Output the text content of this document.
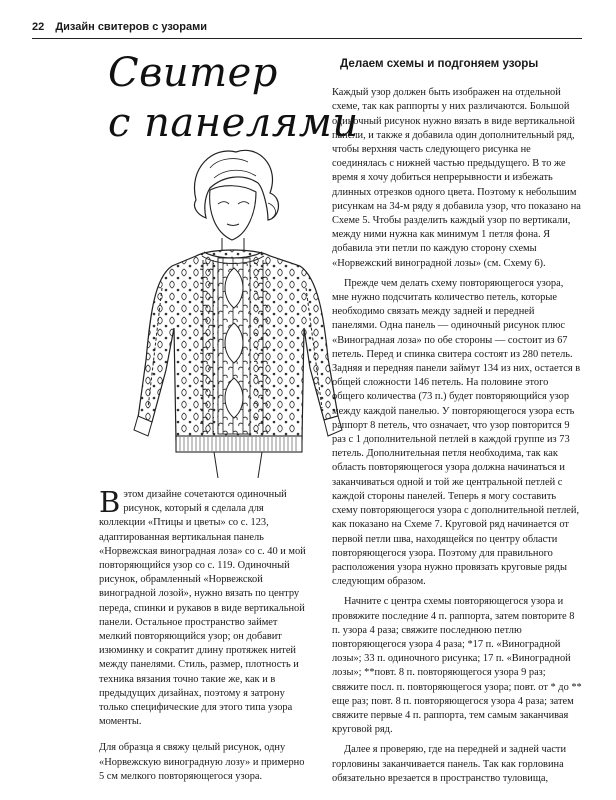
22 Дизайн свитеров с узорами
Свитер
с панелями
Делаем схемы и подгоняем узоры

Каждый узор должен быть изображен на отдельной схеме, так как раппорты у них различаются. Большой одиночный рисунок нужно вязать в виде вертикальной панели, и также я добавила один дополнительный ряд, чтобы верхняя часть следующего рисунка не соединялась с нижней частью предыдущего. В то же время я хочу добиться непрерывности и избежать длинных отрезков одного цвета. Поэтому к небольшим рисункам на 34-м ряду я добавила узор, что показано на Схеме 5. Чтобы разделить каждый узор по вертикали, между ними нужна как минимум 1 петля фона. Я добавила эти петли по каждую сторону схемы «Норвежский виноградной лозы» (см. Схему 6).

Прежде чем делать схему повторяющегося узора, мне нужно подсчитать количество петель, которые необходимо связать между задней и передней панелями. Одна панель — одиночный рисунок плюс «Виноградная лоза» по обе стороны — состоит из 67 петель. Перед и спинка свитера состоят из 280 петель. Задняя и передняя панели займут 134 из них, остается в общей сложности 146 петель. На половине этого общего количества (73 п.) будет повторяющийся узор между каждой панелью. У повторяющегося узора есть раппорт 8 петель, что означает, что узор повторится 9 раз с 1 дополнительной петлей в каждой группе из 73 петель. Дополнительная петля необходима, так как область повторяющегося узора должна начинаться и заканчиваться одной и той же центральной петлей с каждой стороны панелей. Теперь я могу составить схему повторяющегося узора с дополнительной петлей, как показано на Схеме 7. Круговой ряд начинается от первой петли шва, находящейся по центру области повторяющегося узора. Поэтому для правильного расположения узора нужно провязать круговые ряды следующим образом.

Начните с центра схемы повторяющегося узора и провяжите последние 4 п. раппорта, затем повторите 8 п. узора 4 раза; свяжите последнюю петлю повторяющегося узора 4 раза; *17 п. «Виноградной лозы»; 33 п. одиночного рисунка; 17 п. «Виноградной лозы»; **повт. 8 п. повторяющегося узора 9 раз; свяжите посл. п. повторяющегося узора; повт. от * до ** еще раз; повт. 8 п. повторяющегося узора 4 раза; затем свяжите первые 4 п. раппорта, тем самым заканчивая круговой ряд.

Далее я проверяю, где на передней и задней части горловины заканчивается панель. Так как горловина обязательно врезается в пространство туловища,

Вэтом дизайне сочетаются одиночный рисунок, который я сделала для коллекции «Птицы и цветы» со с. 123, адаптированная вертикальная панель «Норвежская виноградная лоза» со с. 40 и мой повторяющийся узор со с. 119. Одиночный рисунок, обрамленный «Норвежской виноградной лозой», нужно вязать по центру переда, спинки и рукавов в виде вертикальной панели. Остальное пространство займет мелкий повторяющийся узор; он добавит изюминку и сократит длину протяжек нитей между панелями. Стиль, размер, плотность и техника вязания точно такие же, как и в предыдущих дизайнах, поэтому я затрону только специфические для этого типа узора моменты.

Для образца я свяжу целый рисунок, одну «Норвежскую виноградную лозу» и примерно 5 см мелкого повторяющегося узора.
